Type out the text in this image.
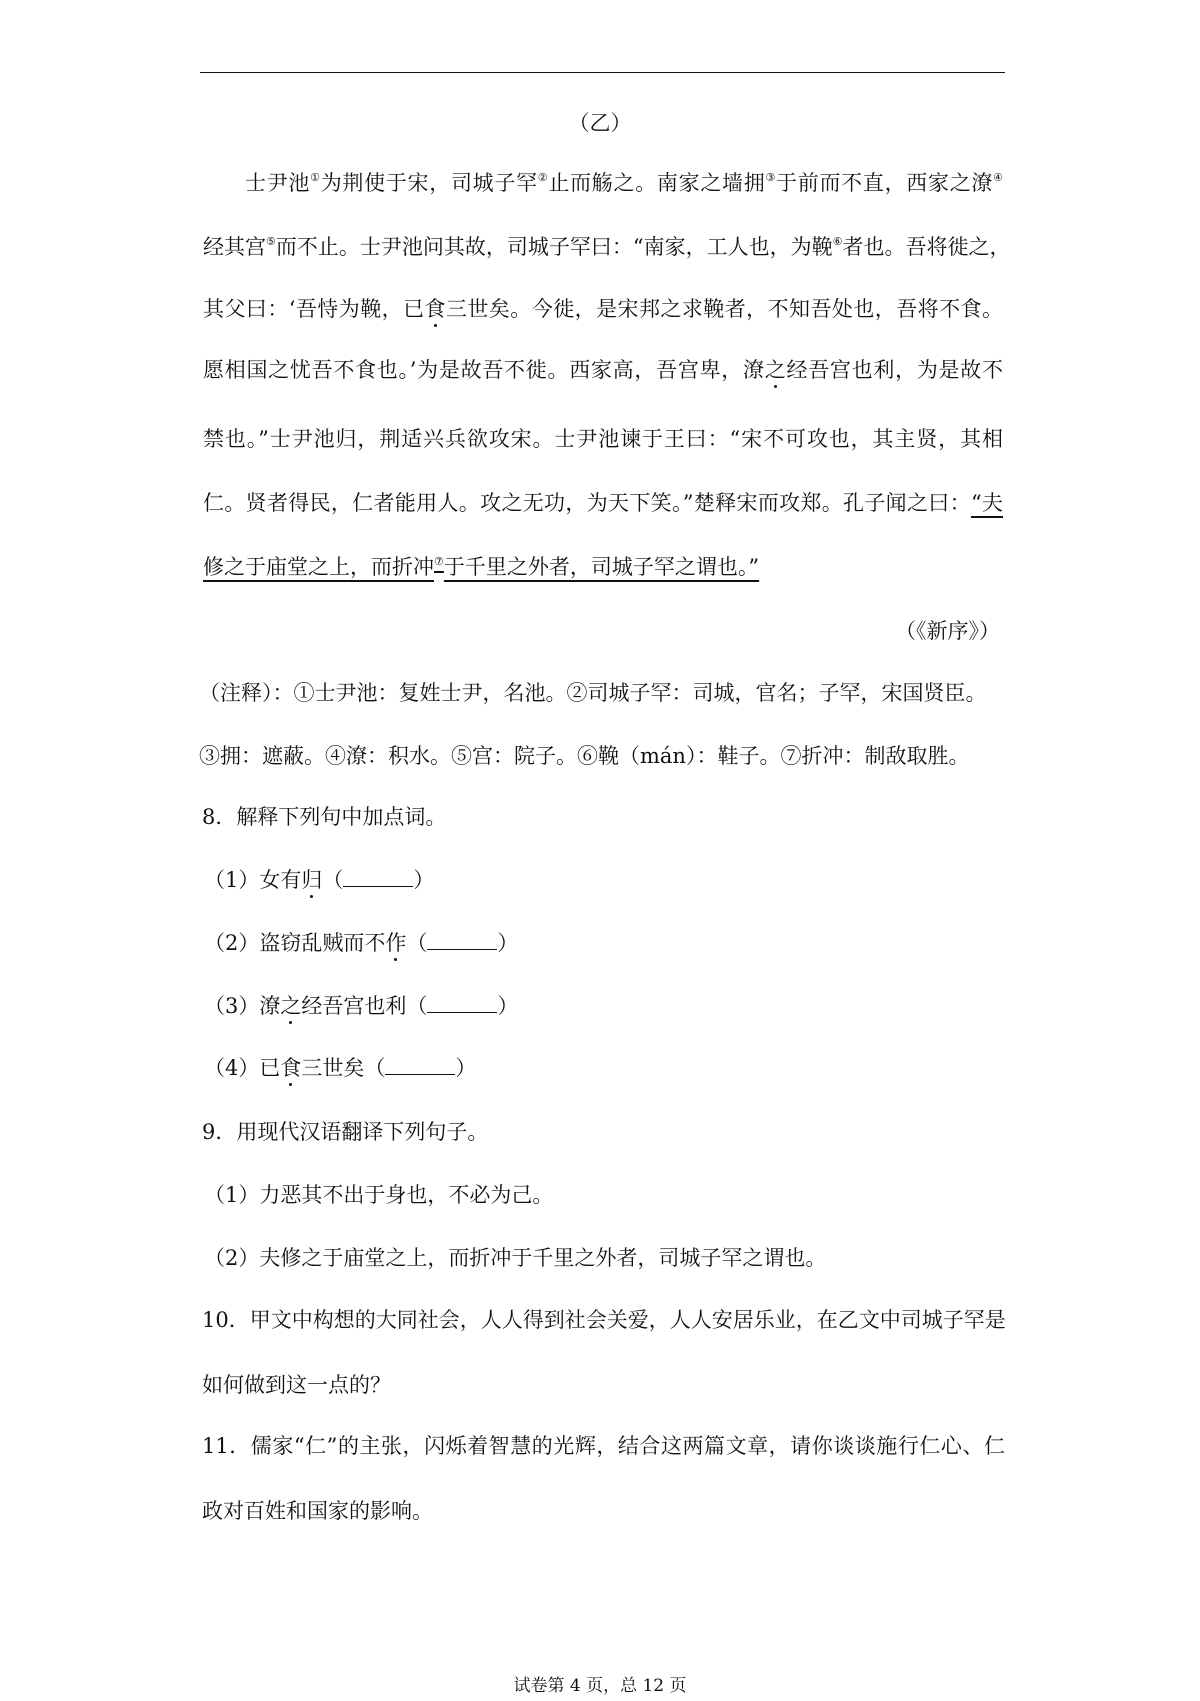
（乙）
士尹池①为荆使于宋，司城子罕②止而觞之。南家之墙拥③于前而不直，西家之潦④
经其宫⑤而不止。士尹池问其故，司城子罕曰：“南家，工人也，为鞔⑥者也。吾将徙之，
其父曰：‘吾恃为鞔，已食三世矣。今徙，是宋邦之求鞔者，不知吾处也，吾将不食。
愿相国之忧吾不食也。’为是故吾不徙。西家高，吾宫卑，潦之经吾宫也利，为是故不
禁也。”士尹池归，荆适兴兵欲攻宋。士尹池谏于王曰：“宋不可攻也，其主贤，其相
仁。贤者得民，仁者能用人。攻之无功，为天下笑。”楚释宋而攻郑。孔子闻之曰：“夫
修之于庙堂之上，而折冲⑦于千里之外者，司城子罕之谓也。”
（《新序》）
（注释）：①士尹池：复姓士尹，名池。②司城子罕：司城，官名；子罕，宋国贤臣。
③拥：遮蔽。④潦：积水。⑤宫：院子。⑥鞔（mán）：鞋子。⑦折冲：制敌取胜。
8．解释下列句中加点词。
（1）女有归（	）
（2）盗窃乱贼而不作（	）
（3）潦之经吾宫也利（	）
（4）已食三世矣（	）
9．用现代汉语翻译下列句子。
（1）力恶其不出于身也，不必为己。
（2）夫修之于庙堂之上，而折冲于千里之外者，司城子罕之谓也。
10．甲文中构想的大同社会，人人得到社会关爱，人人安居乐业，在乙文中司城子罕是
如何做到这一点的？
11．儒家“仁”的主张，闪烁着智慧的光辉，结合这两篇文章，请你谈谈施行仁心、仁
政对百姓和国家的影响。
试卷第 4 页，总 12 页
